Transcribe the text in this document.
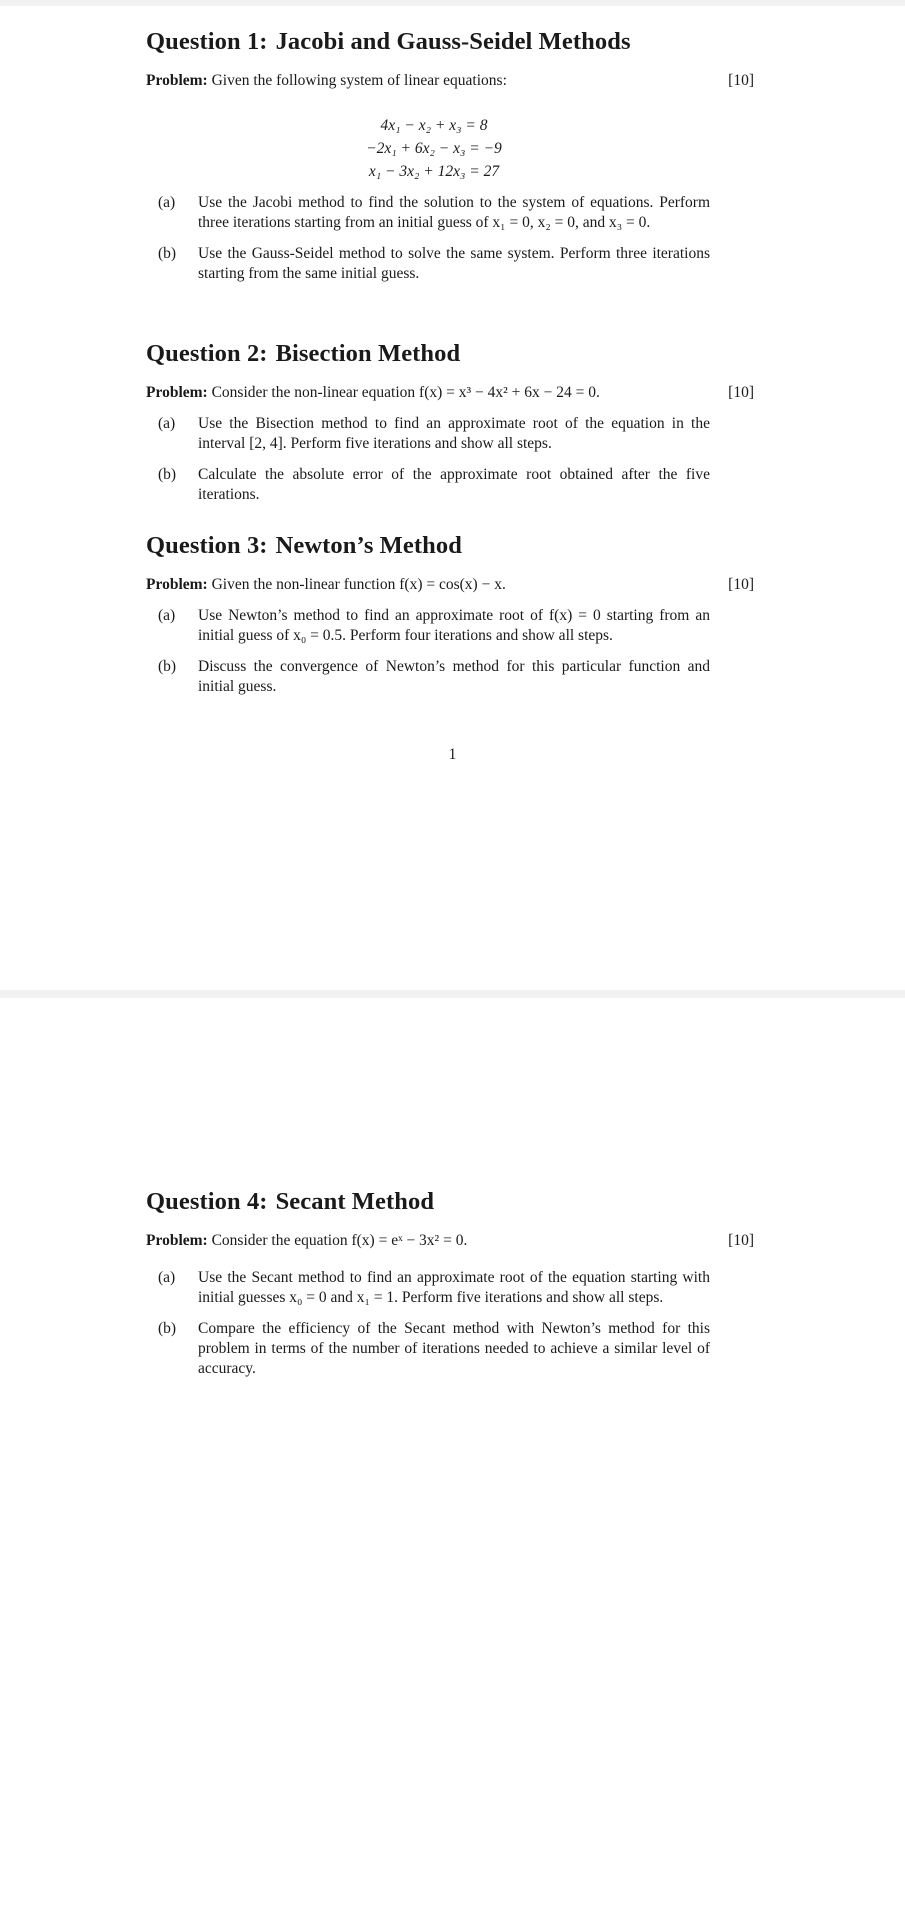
Question 1: Jacobi and Gauss-Seidel Methods
Problem: Given the following system of linear equations:	[10]
4x₁ − x₂ + x₃ = 8
−2x₁ + 6x₂ − x₃ = −9
x₁ − 3x₂ + 12x₃ = 27
(a) Use the Jacobi method to find the solution to the system of equations. Perform three iterations starting from an initial guess of x₁ = 0, x₂ = 0, and x₃ = 0.
(b) Use the Gauss-Seidel method to solve the same system. Perform three iterations starting from the same initial guess.
Question 2: Bisection Method
Problem: Consider the non-linear equation f(x) = x³ − 4x² + 6x − 24 = 0.	[10]
(a) Use the Bisection method to find an approximate root of the equation in the interval [2, 4]. Perform five iterations and show all steps.
(b) Calculate the absolute error of the approximate root obtained after the five iterations.
Question 3: Newton’s Method
Problem: Given the non-linear function f(x) = cos(x) − x.	[10]
(a) Use Newton’s method to find an approximate root of f(x) = 0 starting from an initial guess of x₀ = 0.5. Perform four iterations and show all steps.
(b) Discuss the convergence of Newton’s method for this particular function and initial guess.
1
Question 4: Secant Method
Problem: Consider the equation f(x) = eˣ − 3x² = 0.	[10]
(a) Use the Secant method to find an approximate root of the equation starting with initial guesses x₀ = 0 and x₁ = 1. Perform five iterations and show all steps.
(b) Compare the efficiency of the Secant method with Newton’s method for this problem in terms of the number of iterations needed to achieve a similar level of accuracy.
